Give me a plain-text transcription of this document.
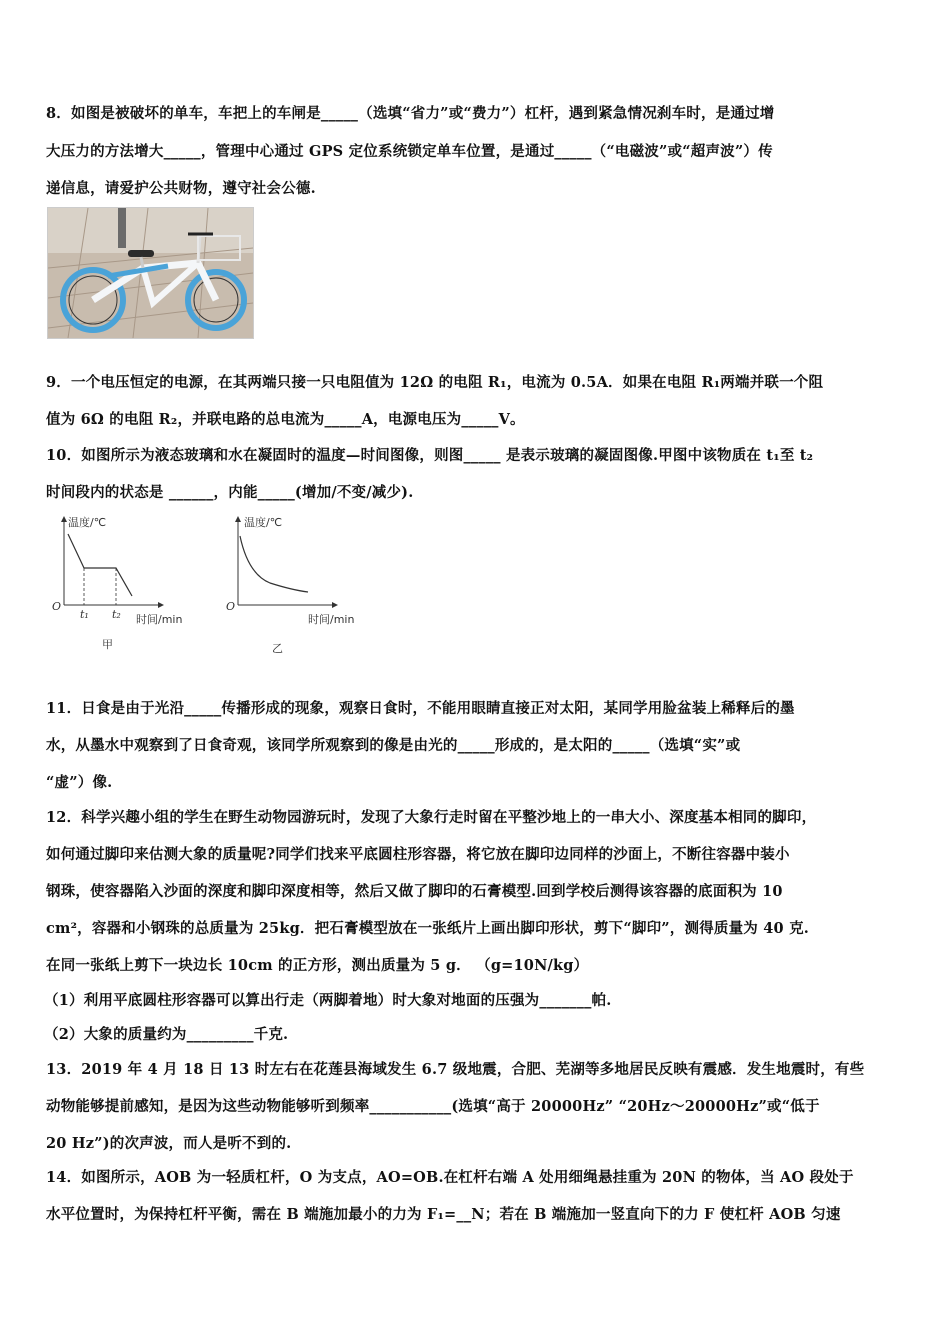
8．如图是被破坏的单车，车把上的车闸是_____（选填“省力”或“费力”）杠杆，遇到紧急情况刹车时，是通过增
大压力的方法增大_____，管理中心通过 GPS 定位系统锁定单车位置，是通过_____（“电磁波”或“超声波”）传
递信息，请爱护公共财物，遵守社会公德.
9．一个电压恒定的电源，在其两端只接一只电阻值为 12Ω 的电阻 R₁，电流为 0.5A．如果在电阻 R₁两端并联一个阻
值为 6Ω 的电阻 R₂，并联电路的总电流为_____A，电源电压为_____V。
10．如图所示为液态玻璃和水在凝固时的温度—时间图像，则图_____ 是表示玻璃的凝固图像.甲图中该物质在 t₁至 t₂
时间段内的状态是 ______，内能_____(增加/不变/减少).
温度/℃
O
t₁ t₂ 时间/min
甲
温度/℃
O
时间/min
乙
11．日食是由于光沿_____传播形成的现象，观察日食时，不能用眼睛直接正对太阳，某同学用脸盆装上稀释后的墨
水，从墨水中观察到了日食奇观，该同学所观察到的像是由光的_____形成的，是太阳的_____（选填“实”或
“虚”）像.
12．科学兴趣小组的学生在野生动物园游玩时，发现了大象行走时留在平整沙地上的一串大小、深度基本相同的脚印，
如何通过脚印来估测大象的质量呢?同学们找来平底圆柱形容器，将它放在脚印边同样的沙面上，不断往容器中装小
钢珠，使容器陷入沙面的深度和脚印深度相等，然后又做了脚印的石膏模型.回到学校后测得该容器的底面积为 10
cm²，容器和小钢珠的总质量为 25kg．把石膏模型放在一张纸片上画出脚印形状，剪下“脚印”，测得质量为 40 克.
在同一张纸上剪下一块边长 10cm 的正方形，测出质量为 5 g． （g=10N/kg）
（1）利用平底圆柱形容器可以算出行走（两脚着地）时大象对地面的压强为_______帕.
（2）大象的质量约为_________千克.
13．2019 年 4 月 18 日 13 时左右在花莲县海域发生 6.7 级地震，合肥、芜湖等多地居民反映有震感．发生地震时，有些
动物能够提前感知，是因为这些动物能够听到频率___________(选填“高于 20000Hz” “20Hz～20000Hz”或“低于
20 Hz”)的次声波，而人是听不到的.
14．如图所示，AOB 为一轻质杠杆，O 为支点，AO=OB.在杠杆右端 A 处用细绳悬挂重为 20N 的物体，当 AO 段处于
水平位置时，为保持杠杆平衡，需在 B 端施加最小的力为 F₁=__N；若在 B 端施加一竖直向下的力 F 使杠杆 AOB 匀速
